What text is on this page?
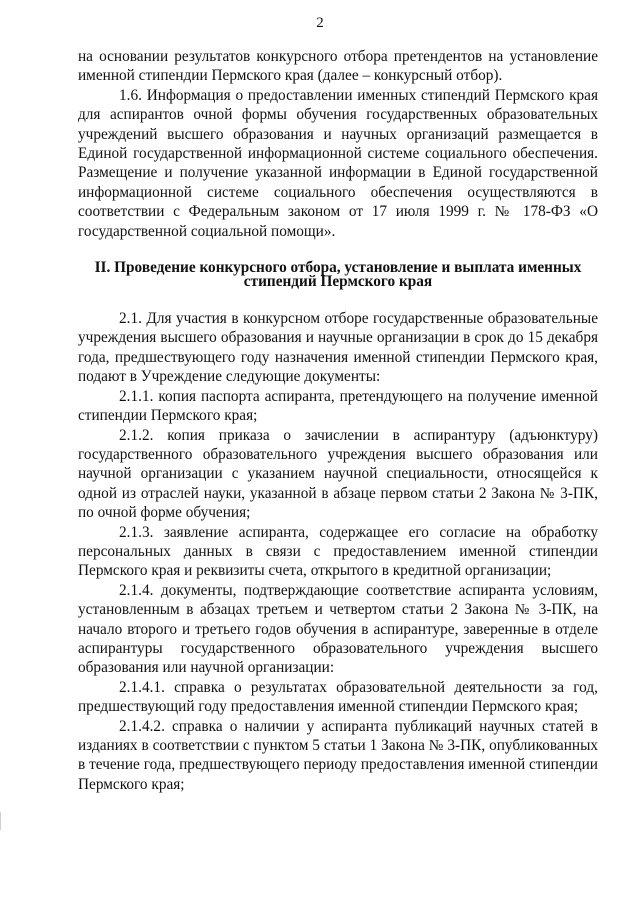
2

на основании результатов конкурсного отбора претендентов на установление именной стипендии Пермского края (далее – конкурсный отбор).

1.6. Информация о предоставлении именных стипендий Пермского края для аспирантов очной формы обучения государственных образовательных учреждений высшего образования и научных организаций размещается в Единой государственной информационной системе социального обеспечения. Размещение и получение указанной информации в Единой государственной информационной системе социального обеспечения осуществляются в соответствии с Федеральным законом от 17 июля 1999 г. № 178-ФЗ «О государственной социальной помощи».

II. Проведение конкурсного отбора, установление и выплата именных
стипендий Пермского края

2.1. Для участия в конкурсном отборе государственные образовательные учреждения высшего образования и научные организации в срок до 15 декабря года, предшествующего году назначения именной стипендии Пермского края, подают в Учреждение следующие документы:

2.1.1. копия паспорта аспиранта, претендующего на получение именной стипендии Пермского края;

2.1.2. копия приказа о зачислении в аспирантуру (адъюнктуру) государственного образовательного учреждения высшего образования или научной организации с указанием научной специальности, относящейся к одной из отраслей науки, указанной в абзаце первом статьи 2 Закона № 3-ПК, по очной форме обучения;

2.1.3. заявление аспиранта, содержащее его согласие на обработку персональных данных в связи с предоставлением именной стипендии Пермского края и реквизиты счета, открытого в кредитной организации;

2.1.4. документы, подтверждающие соответствие аспиранта условиям, установленным в абзацах третьем и четвертом статьи 2 Закона № 3-ПК, на начало второго и третьего годов обучения в аспирантуре, заверенные в отделе аспирантуры государственного образовательного учреждения высшего образования или научной организации:

2.1.4.1. справка о результатах образовательной деятельности за год, предшествующий году предоставления именной стипендии Пермского края;

2.1.4.2. справка о наличии у аспиранта публикаций научных статей в изданиях в соответствии с пунктом 5 статьи 1 Закона № 3-ПК, опубликованных в течение года, предшествующего периоду предоставления именной стипендии Пермского края;
